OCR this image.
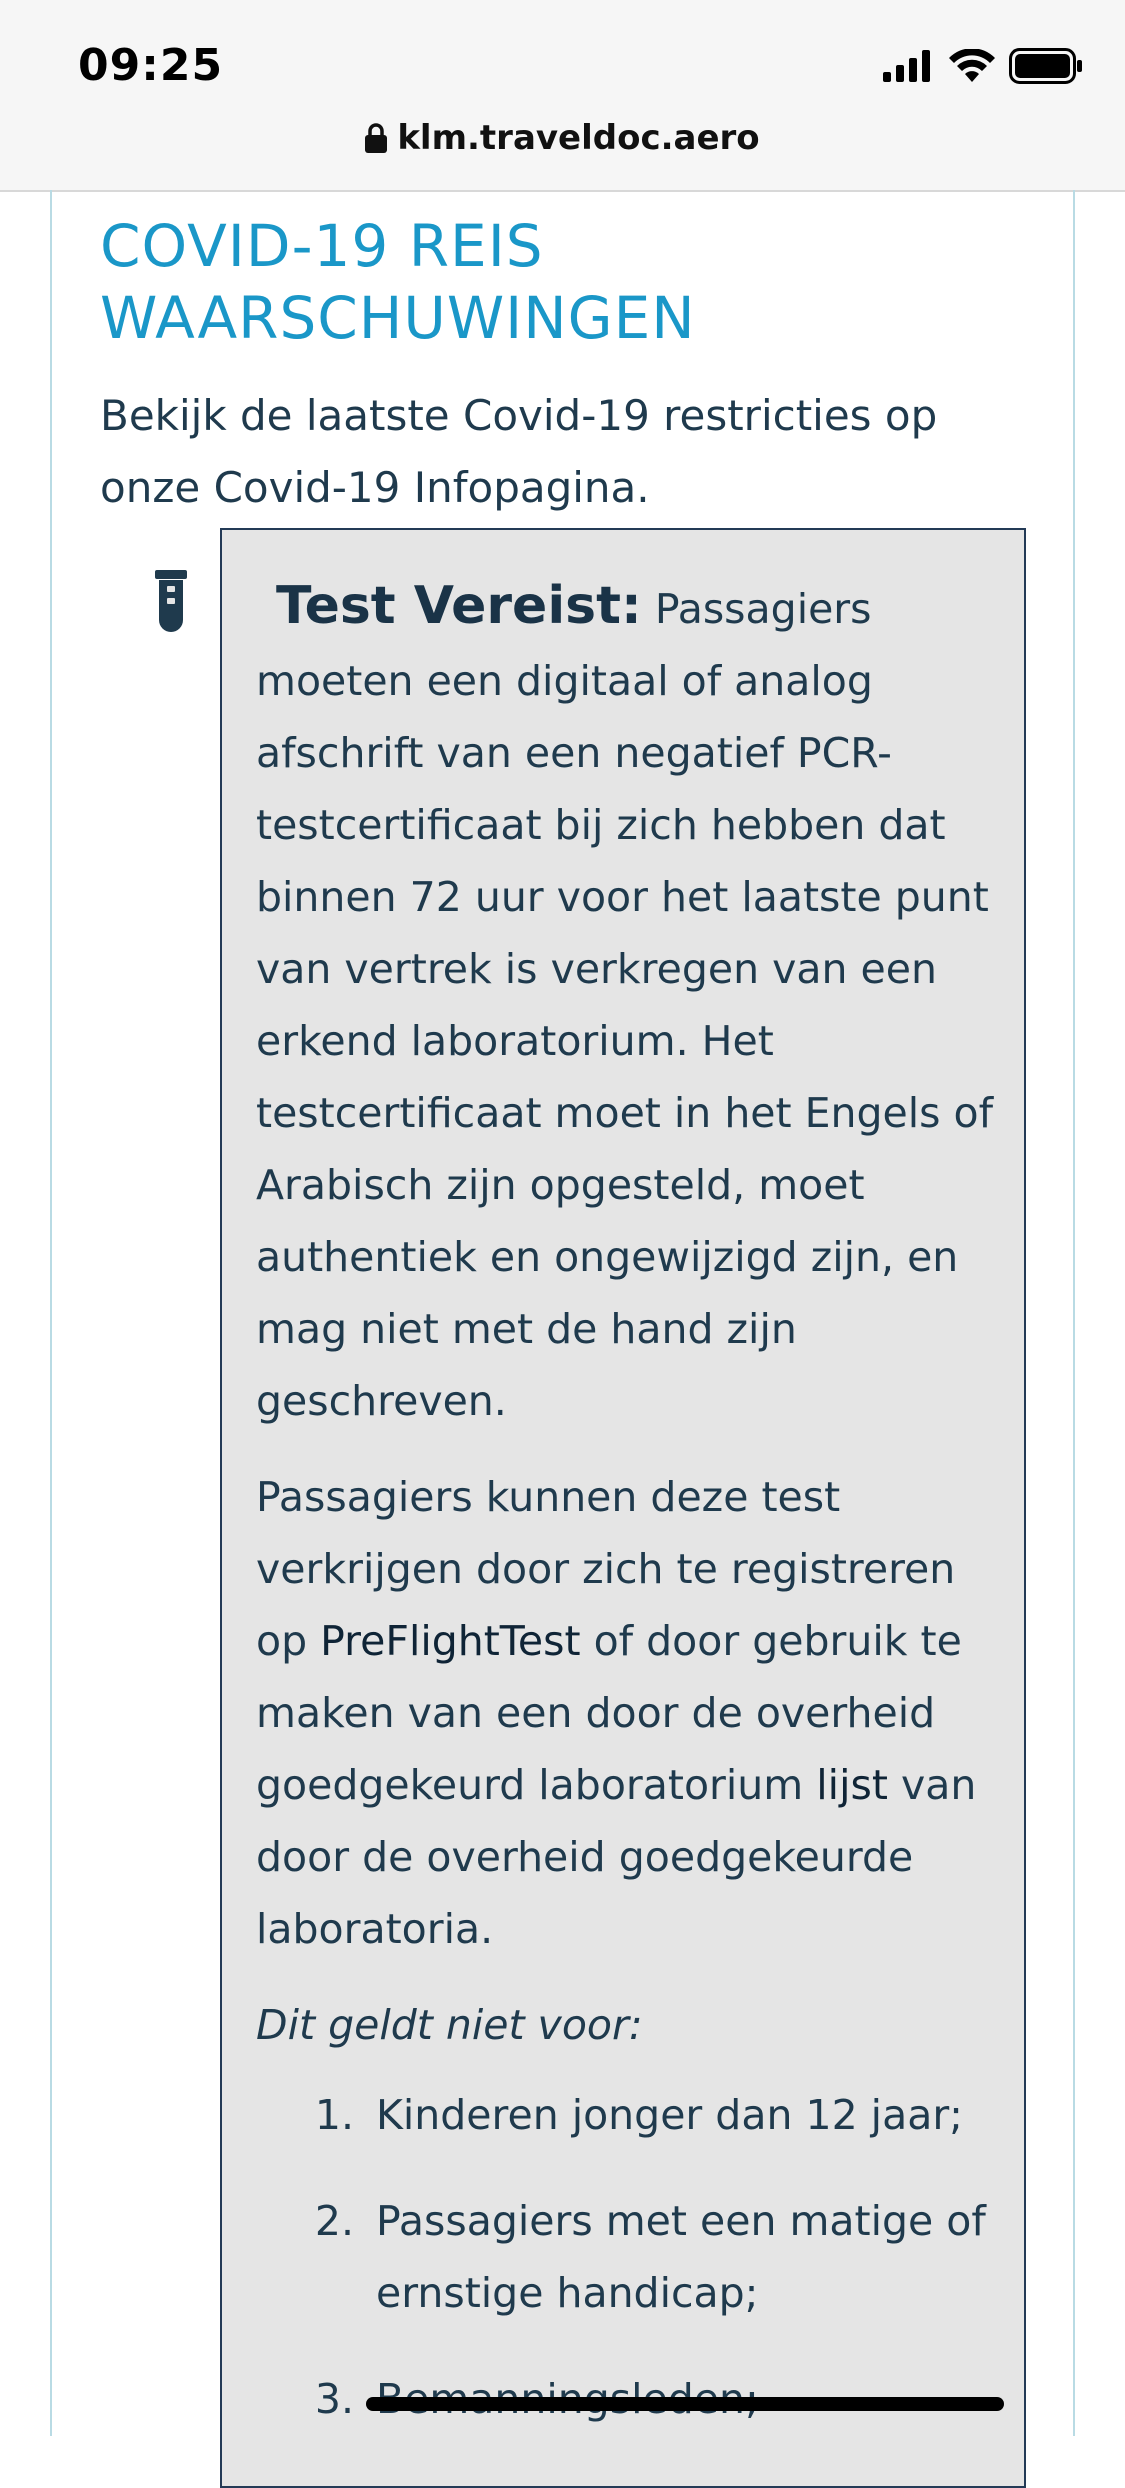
09:25
klm.traveldoc.aero
COVID-19 REIS WAARSCHUWINGEN
Bekijk de laatste Covid-19 restricties op onze Covid-19 Infopagina.

Test Vereist: Passagiers moeten een digitaal of analog afschrift van een negatief PCR-testcertificaat bij zich hebben dat binnen 72 uur voor het laatste punt van vertrek is verkregen van een erkend laboratorium. Het testcertificaat moet in het Engels of Arabisch zijn opgesteld, moet authentiek en ongewijzigd zijn, en mag niet met de hand zijn geschreven.

Passagiers kunnen deze test verkrijgen door zich te registreren op PreFlightTest of door gebruik te maken van een door de overheid goedgekeurd laboratorium lijst van door de overheid goedgekeurde laboratoria.

Dit geldt niet voor:

1. Kinderen jonger dan 12 jaar;
2. Passagiers met een matige of ernstige handicap;
3.
